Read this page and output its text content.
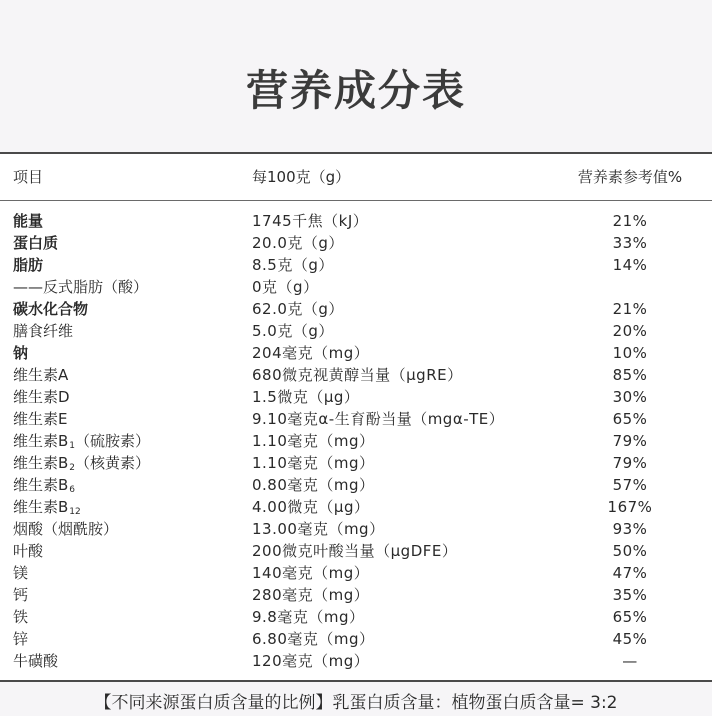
营养成分表
项目	每100克（g）	营养素参考值%
能量	1745千焦（kJ）	21%
蛋白质	20.0克（g）	33%
脂肪	8.5克（g）	14%
——反式脂肪（酸）	0克（g）
碳水化合物	62.0克（g）	21%
膳食纤维	5.0克（g）	20%
钠	204毫克（mg）	10%
维生素A	680微克视黄醇当量（μgRE）	85%
维生素D	1.5微克（μg）	30%
维生素E	9.10毫克α-生育酚当量（mgα-TE）	65%
维生素$B_1$（硫胺素）	1.10毫克（mg）	79%
维生素$B_2$（核黄素）	1.10毫克（mg）	79%
维生素$B_6$	0.80毫克（mg）	57%
维生素$B_{12}$	4.00微克（μg）	167%
烟酸（烟酰胺）	13.00毫克（mg）	93%
叶酸	200微克叶酸当量（μgDFE）	50%
镁	140毫克（mg）	47%
钙	280毫克（mg）	35%
铁	9.8毫克（mg）	65%
锌	6.80毫克（mg）	45%
牛磺酸	120毫克（mg）	—
【不同来源蛋白质含量的比例】乳蛋白质含量：植物蛋白质含量= 3:2
